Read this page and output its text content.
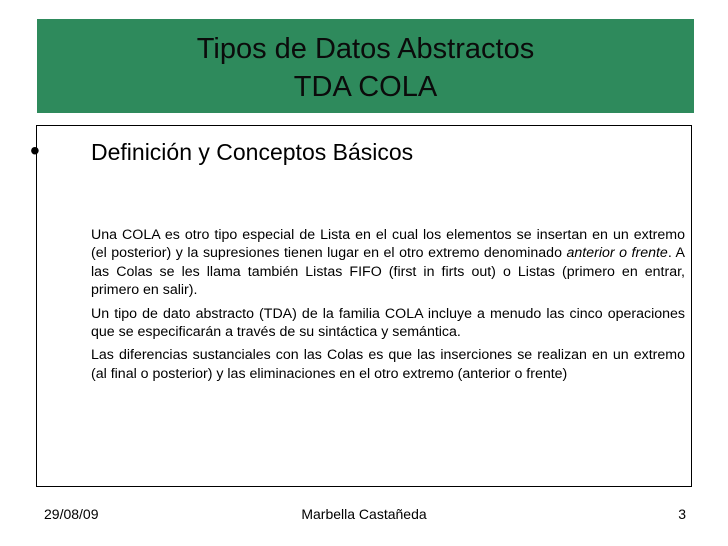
Tipos de Datos Abstractos
TDA COLA
• Definición y Conceptos Básicos

Una COLA es otro tipo especial de Lista en el cual los elementos se insertan en un extremo (el posterior) y la supresiones tienen lugar en el otro extremo denominado anterior o frente. A las Colas se les llama también Listas FIFO (first in firts out) o Listas (primero en entrar, primero en salir).

Un tipo de dato abstracto (TDA) de la familia COLA incluye a menudo las cinco operaciones que se especificarán a través de su sintáctica y semántica.

Las diferencias sustanciales con las Colas es que las inserciones se realizan en un extremo (al final o posterior) y las eliminaciones en el otro extremo (anterior o frente)

29/08/09	Marbella Castañeda	3
